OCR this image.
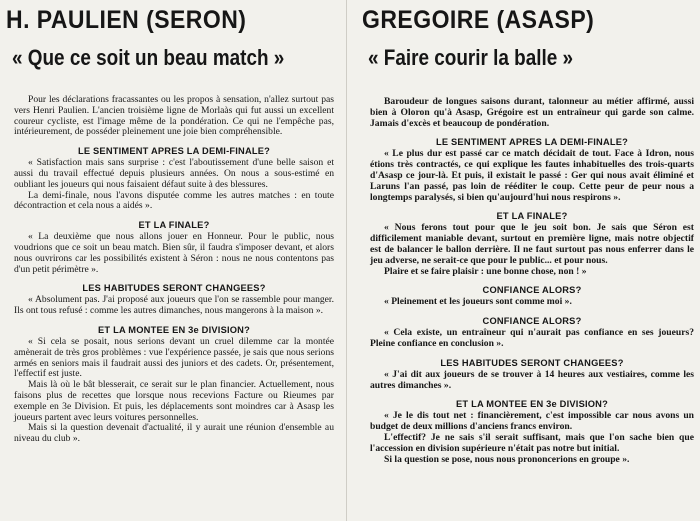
H. PAULIEN (SERON)
« Que ce soit un beau match »

Pour les déclarations fracassantes ou les propos à sensation, n'allez surtout pas vers Henri Paulien. L'ancien troisième ligne de Morlaàs qui fut aussi un excellent coureur cycliste, est l'image même de la pondération. Ce qui ne l'empêche pas, intérieurement, de posséder pleinement une joie bien compréhensible.

LE SENTIMENT APRES LA DEMI-FINALE?

« Satisfaction mais sans surprise : c'est l'aboutissement d'une belle saison et aussi du travail effectué depuis plusieurs années. On nous a sous-estimé en oubliant les joueurs qui nous faisaient défaut suite à des blessures.
La demi-finale, nous l'avons disputée comme les autres matches : en toute décontraction et cela nous a aidés ».

ET LA FINALE?

« La deuxième que nous allons jouer en Honneur. Pour le public, nous voudrions que ce soit un beau match. Bien sûr, il faudra s'imposer devant, et alors nous ouvrirons car les possibilités existent à Séron : nous ne nous contentons pas d'un petit périmètre ».

LES HABITUDES SERONT CHANGEES?

« Absolument pas. J'ai proposé aux joueurs que l'on se rassemble pour manger. Ils ont tous refusé : comme les autres dimanches, nous mangerons à la maison ».

ET LA MONTEE EN 3e DIVISION?

« Si cela se posait, nous serions devant un cruel dilemme car la montée amènerait de très gros problèmes : vue l'expérience passée, je sais que nous serions armés en seniors mais il faudrait aussi des juniors et des cadets. Or, présentement, l'effectif est juste.
Mais là où le bât blesserait, ce serait sur le plan financier. Actuellement, nous faisons plus de recettes que lorsque nous recevions Facture ou Rieumes par exemple en 3e Division. Et puis, les déplacements sont moindres car à Asasp les joueurs partent avec leurs voitures personnelles.
Mais si la question devenait d'actualité, il y aurait une réunion d'ensemble au niveau du club ».

GREGOIRE (ASASP)
« Faire courir la balle »

Baroudeur de longues saisons durant, talonneur au métier affirmé, aussi bien à Oloron qu'à Asasp, Grégoire est un entraîneur qui garde son calme. Jamais d'excès et beaucoup de pondération.

LE SENTIMENT APRES LA DEMI-FINALE?

« Le plus dur est passé car ce match décidait de tout. Face à Idron, nous étions très contractés, ce qui explique les fautes inhabituelles des trois-quarts d'Asasp ce jour-là. Et puis, il existait le passé : Ger qui nous avait éliminé et Laruns l'an passé, pas loin de rééditer le coup. Cette peur de peur nous a longtemps paralysés, si bien qu'aujourd'hui nous respirons ».

ET LA FINALE?

« Nous ferons tout pour que le jeu soit bon. Je sais que Séron est difficilement maniable devant, surtout en première ligne, mais notre objectif est de balancer le ballon derrière. Il ne faut surtout pas nous enferrer dans le jeu adverse, ne serait-ce que pour le public... et pour nous.
Plaire et se faire plaisir : une bonne chose, non ! »

CONFIANCE ALORS?

« Pleinement et les joueurs sont comme moi ».

CONFIANCE ALORS?

« Cela existe, un entraîneur qui n'aurait pas confiance en ses joueurs? Pleine confiance en conclusion ».

LES HABITUDES SERONT CHANGEES?

« J'ai dit aux joueurs de se trouver à 14 heures aux vestiaires, comme les autres dimanches ».

ET LA MONTEE EN 3e DIVISION?

« Je le dis tout net : financièrement, c'est impossible car nous avons un budget de deux millions d'anciens francs environ.
L'effectif? Je ne sais s'il serait suffisant, mais que l'on sache bien que l'accession en division supérieure n'était pas notre but initial.
Si la question se pose, nous nous prononcerions en groupe ».
